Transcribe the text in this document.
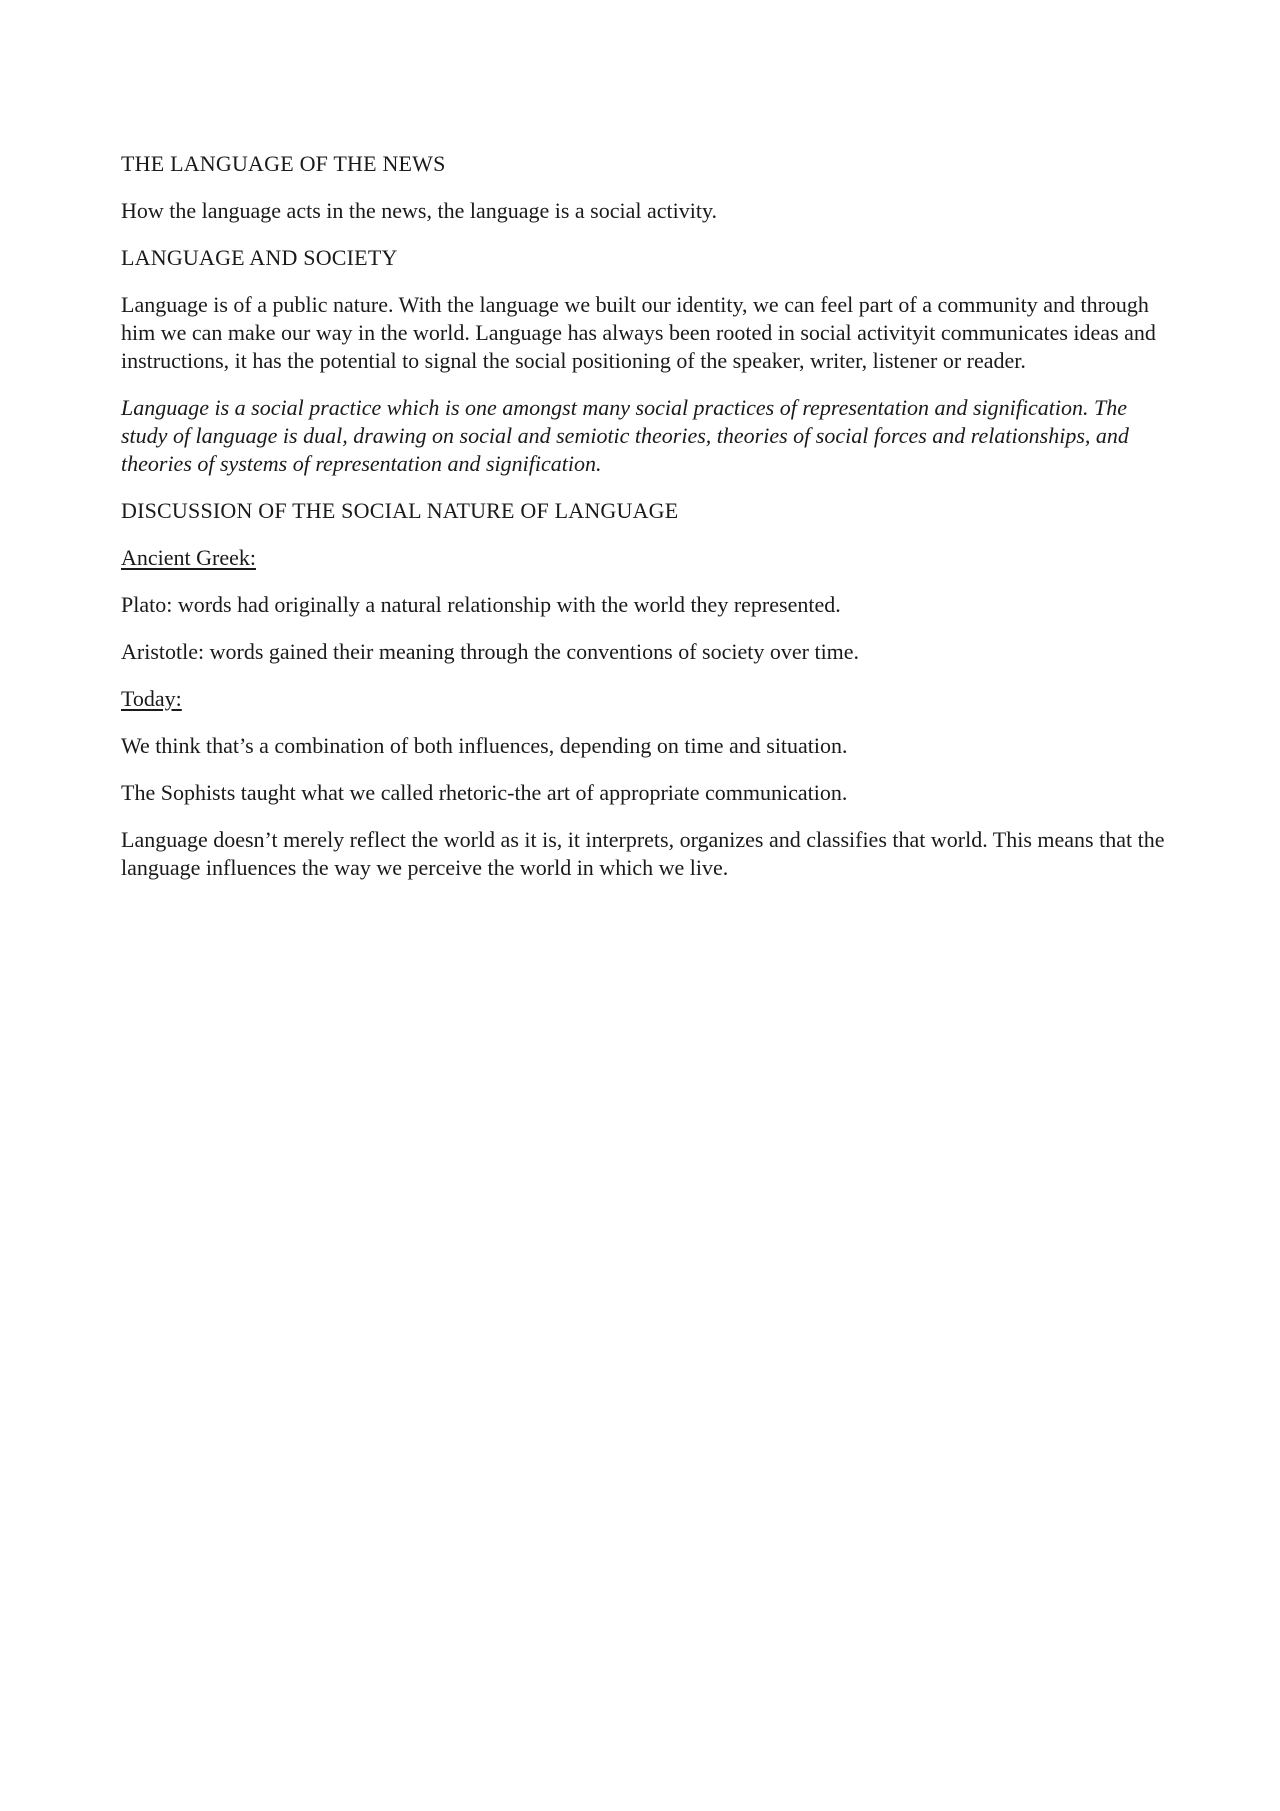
THE LANGUAGE OF THE NEWS

How the language acts in the news, the language is a social activity.

LANGUAGE AND SOCIETY

Language is of a public nature. With the language we built our identity, we can feel part of a community and through him we can make our way in the world. Language has always been rooted in social activityit communicates ideas and instructions, it has the potential to signal the social positioning of the speaker, writer, listener or reader.

Language is a social practice which is one amongst many social practices of representation and signification. The study of language is dual, drawing on social and semiotic theories, theories of social forces and relationships, and theories of systems of representation and signification.

DISCUSSION OF THE SOCIAL NATURE OF LANGUAGE

Ancient Greek:

Plato: words had originally a natural relationship with the world they represented.

Aristotle: words gained their meaning through the conventions of society over time.

Today:

We think that’s a combination of both influences, depending on time and situation.

The Sophists taught what we called rhetoric-the art of appropriate communication.

Language doesn’t merely reflect the world as it is, it interprets, organizes and classifies that world. This means that the language influences the way we perceive the world in which we live.
